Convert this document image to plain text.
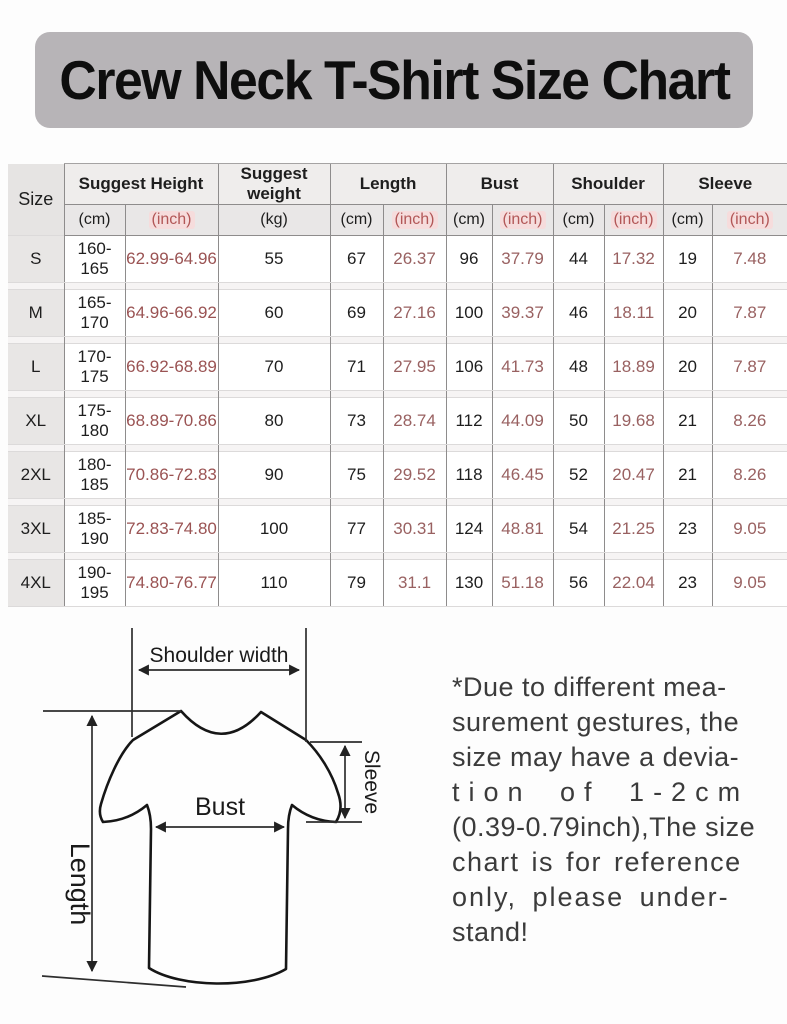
Crew Neck T-Shirt Size Chart
Size	Suggest Height		Suggest weight	Length		Bust		Shoulder		Sleeve	
	(cm)	(inch)	(kg)	(cm)	(inch)	(cm)	(inch)	(cm)	(inch)	(cm)	(inch)
S	160-165	62.99-64.96	55	67	26.37	96	37.79	44	17.32	19	7.48

M	165-170	64.96-66.92	60	69	27.16	100	39.37	46	18.11	20	7.87

L	170-175	66.92-68.89	70	71	27.95	106	41.73	48	18.89	20	7.87

XL	175-180	68.89-70.86	80	73	28.74	112	44.09	50	19.68	21	8.26

2XL	180-185	70.86-72.83	90	75	29.52	118	46.45	52	20.47	21	8.26

3XL	185-190	72.83-74.80	100	77	30.31	124	48.81	54	21.25	23	9.05

4XL	190-195	74.80-76.77	110	79	31.1	130	51.18	56	22.04	23	9.05
Shoulder width
Length
Bust	Sleeve
*Due to different mea-
surement gestures, the
size may have a devia-
tion of 1-2cm
(0.39-0.79inch),The size
chart is for reference
only, please under-
stand!
